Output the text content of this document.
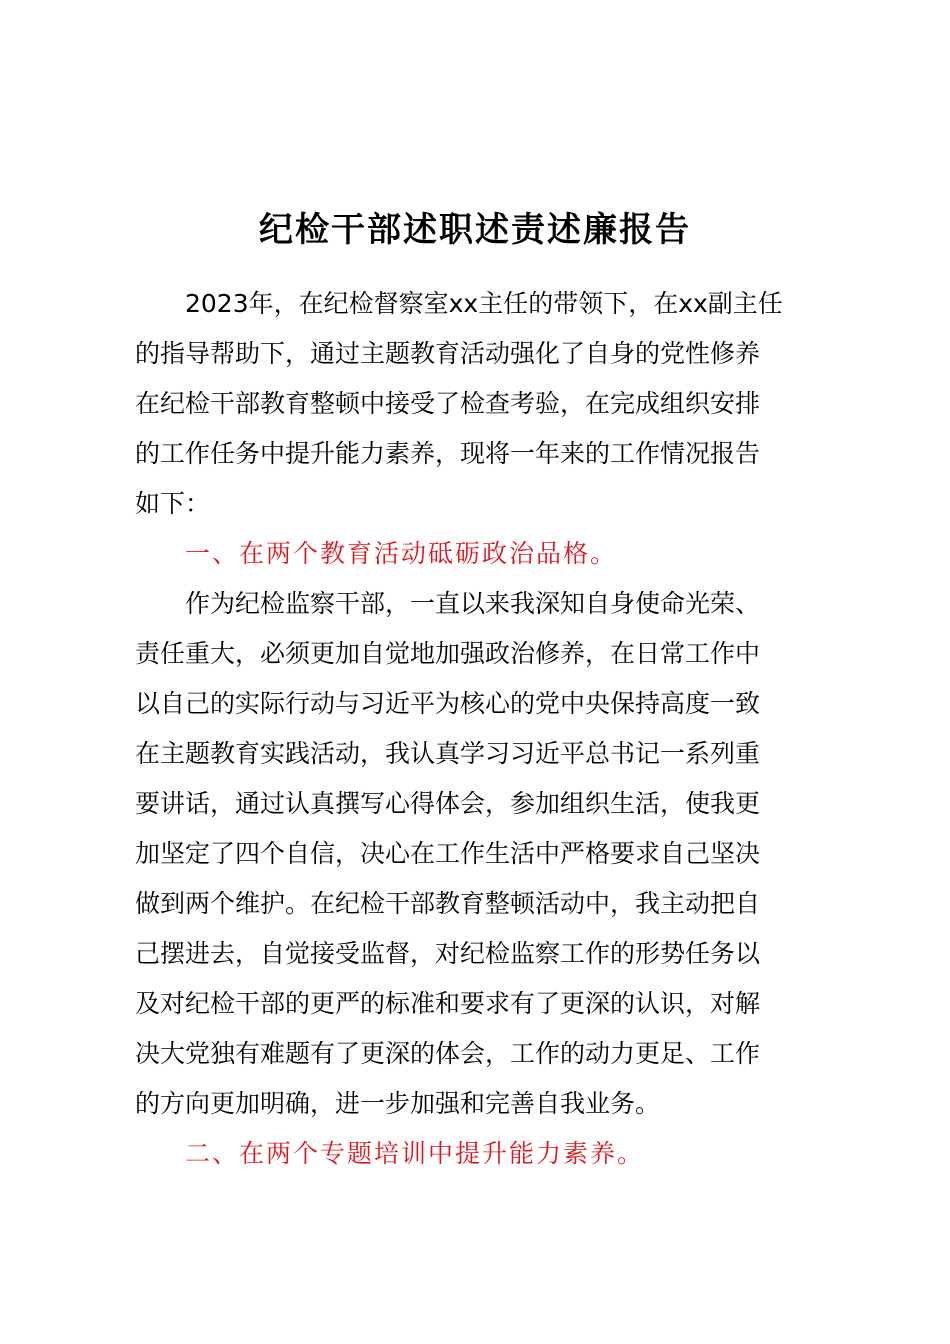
纪检干部述职述责述廉报告

2023年，在纪检督察室xx主任的带领下，在xx副主任

的指导帮助下，通过主题教育活动强化了自身的党性修养

在纪检干部教育整顿中接受了检查考验，在完成组织安排

的工作任务中提升能力素养，现将一年来的工作情况报告

如下：

一、在两个教育活动砥砺政治品格。

作为纪检监察干部，一直以来我深知自身使命光荣、

责任重大，必须更加自觉地加强政治修养，在日常工作中

以自己的实际行动与习近平为核心的党中央保持高度一致

在主题教育实践活动，我认真学习习近平总书记一系列重

要讲话，通过认真撰写心得体会，参加组织生活，使我更

加坚定了四个自信，决心在工作生活中严格要求自己坚决

做到两个维护。在纪检干部教育整顿活动中，我主动把自

己摆进去，自觉接受监督，对纪检监察工作的形势任务以

及对纪检干部的更严的标准和要求有了更深的认识，对解

决大党独有难题有了更深的体会，工作的动力更足、工作

的方向更加明确，进一步加强和完善自我业务。

二、在两个专题培训中提升能力素养。
